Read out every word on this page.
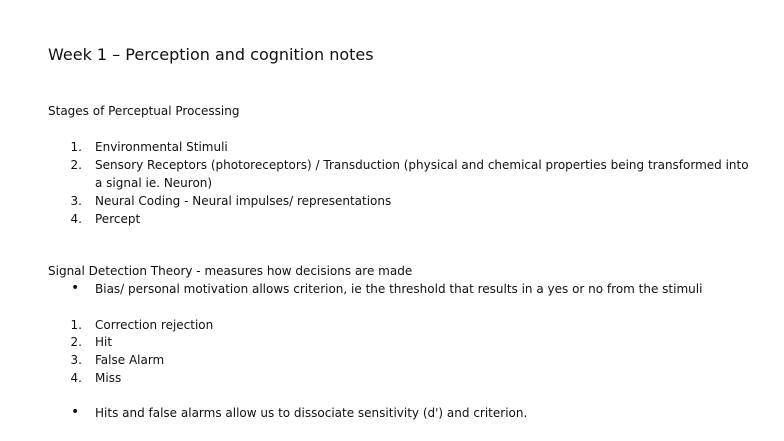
Week 1 – Perception and cognition notes
Stages of Perceptual Processing
1. Environmental Stimuli
2. Sensory Receptors (photoreceptors) / Transduction (physical and chemical properties being transformed into
a signal ie. Neuron)
3. Neural Coding - Neural impulses/ representations
4. Percept
Signal Detection Theory - measures how decisions are made
• Bias/ personal motivation allows criterion, ie the threshold that results in a yes or no from the stimuli
1. Correction rejection
2. Hit
3. False Alarm
4. Miss
• Hits and false alarms allow us to dissociate sensitivity (d') and criterion.
